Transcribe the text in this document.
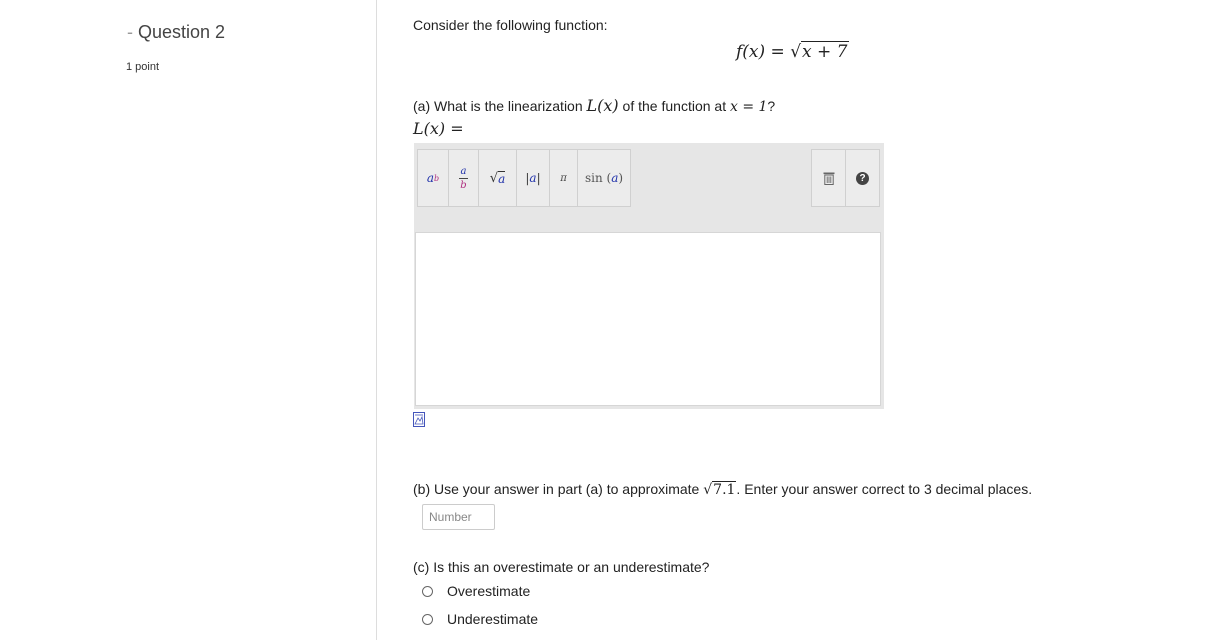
- Question 2
1 point
Consider the following function:
f(x) = √x + 7
(a) What is the linearization L(x) of the function at x = 1?
L(x) =
a b
a
b √ a | a |	π	sin ( a )	?
(b) Use your answer in part (a) to approximate √7.1. Enter your answer correct to 3 decimal places.
Number
(c) Is this an overestimate or an underestimate?
Overestimate
Underestimate
